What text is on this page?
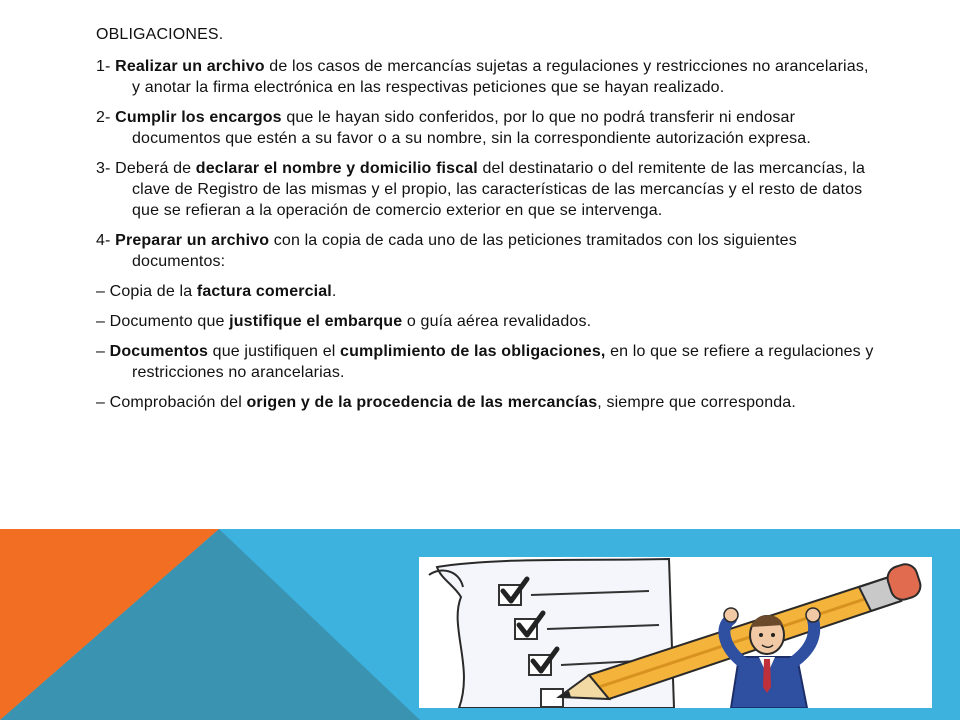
OBLIGACIONES.

1- Realizar un archivo de los casos de mercancías sujetas a regulaciones y restricciones no arancelarias, y anotar la firma electrónica en las respectivas peticiones que se hayan realizado.

2- Cumplir los encargos que le hayan sido conferidos, por lo que no podrá transferir ni endosar documentos que estén a su favor o a su nombre, sin la correspondiente autorización expresa.

3- Deberá de declarar el nombre y domicilio fiscal del destinatario o del remitente de las mercancías, la clave de Registro de las mismas y el propio, las características de las mercancías y el resto de datos que se refieran a la operación de comercio exterior en que se intervenga.

4- Preparar un archivo con la copia de cada uno de las peticiones tramitados con los siguientes documentos:

– Copia de la factura comercial.

– Documento que justifique el embarque o guía aérea revalidados.

– Documentos que justifiquen el cumplimiento de las obligaciones, en lo que se refiere a regulaciones y restricciones no arancelarias.

– Comprobación del origen y de la procedencia de las mercancías, siempre que corresponda.
